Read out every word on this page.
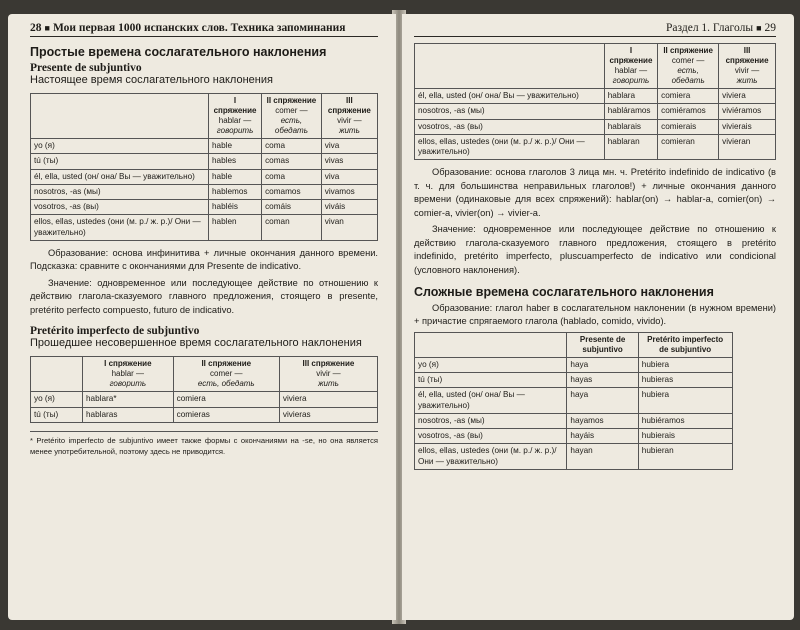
28 ■ Мои первая 1000 испанских слов. Техника запоминания
Простые времена сослагательного наклонения
Presente de subjuntivo
Настоящее время сослагательного наклонения

	I спряжение
hablar —
говорить	II спряжение
comer —
есть, обедать	III спряжение
vivir —
жить
yo (я)	hable	coma	viva
tú (ты)	hables	comas	vivas
él, ella, usted (он/ она/ Вы — уважительно)	hable	coma	viva
nosotros, -as (мы)	hablemos	comamos	vivamos
vosotros, -as (вы)	habléis	comáis	viváis
ellos, ellas, ustedes (они (м. р./ ж. р.)/ Они — уважительно)	hablen	coman	vivan

Образование: основа инфинитива + личные окончания данного времени. Подсказка: сравните с окончаниями для Presente de indicativo.

Значение: одновременное или последующее действие по отношению к действию глагола-сказуемого главного предложения, стоящего в presente, pretérito perfecto compuesto, futuro de indicativo.

Pretérito imperfecto de subjuntivo
Прошедшее несовершенное время сослагательного наклонения

	I спряжение
hablar —
говорить	II спряжение
comer —
есть, обедать	III спряжение
vivir —
жить
yo (я)	hablara*	comiera	viviera
tú (ты)	hablaras	comieras	vivieras

* Pretérito imperfecto de subjuntivo имеет также формы с окончаниями на -se, но она является менее употребительной, поэтому здесь не приводится.

Раздел 1. Глаголы ■ 29

	I спряжение
hablar —
говорить	II спряжение
comer —
есть, обедать	III спряжение
vivir —
жить
él, ella, usted (он/ она/ Вы — уважительно)	hablara	comiera	viviera
nosotros, -as (мы)	habláramos	comiéramos	viviéramos
vosotros, -as (вы)	hablarais	comierais	vivierais
ellos, ellas, ustedes (они (м. р./ ж. р.)/ Они — уважительно)	hablaran	comieran	vivieran

Образование: основа глаголов 3 лица мн. ч. Pretérito indefinido de indicativo (в т. ч. для большинства неправильных глаголов!) + личные окончания данного времени (одинаковые для всех спряжений): hablar(on) → hablar-a, comier(on) → comier-a, vivier(on) → vivier-a.

Значение: одновременное или последующее действие по отношению к действию глагола-сказуемого главного предложения, стоящего в pretérito indefinido, pretérito imperfecto, pluscuamperfecto de indicativo или condicional (условного наклонения).

Сложные времена сослагательного наклонения

Образование: глагол haber в сослагательном наклонении (в нужном времени) + причастие спрягаемого глагола (hablado, comido, vivido).

	Presente de subjuntivo	Pretérito imperfecto de subjuntivo

yo (я)	haya	hubiera
tú (ты)	hayas	hubieras
él, ella, usted (он/ она/ Вы — уважительно)	haya	hubiera
nosotros, -as (мы)	hayamos	hubiéramos
vosotros, -as (вы)	hayáis	hubierais
ellos, ellas, ustedes (они (м. р./ ж. р.)/ Они — уважительно)	hayan	hubieran
